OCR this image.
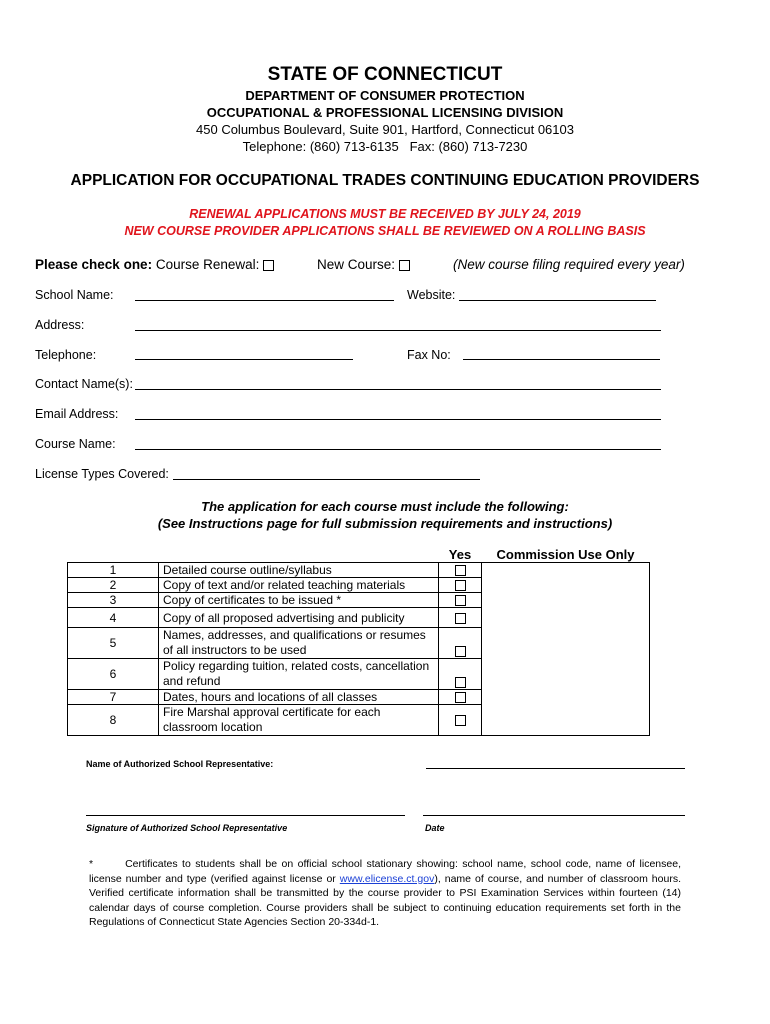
STATE OF CONNECTICUT
DEPARTMENT OF CONSUMER PROTECTION
OCCUPATIONAL & PROFESSIONAL LICENSING DIVISION
450 Columbus Boulevard, Suite 901, Hartford, Connecticut 06103
Telephone: (860) 713-6135   Fax: (860) 713-7230
APPLICATION FOR OCCUPATIONAL TRADES CONTINUING EDUCATION PROVIDERS
RENEWAL APPLICATIONS MUST BE RECEIVED BY JULY 24, 2019
NEW COURSE PROVIDER APPLICATIONS SHALL BE REVIEWED ON A ROLLING BASIS
Please check one: Course Renewal:	New Course:	(New course filing required every year)
School Name:	Website:
Address:
Telephone:	Fax No:
Contact Name(s):
Email Address:
Course Name:
License Types Covered:
The application for each course must include the following:
(See Instructions page for full submission requirements and instructions)
		Yes	Commission Use Only
1	Detailed course outline/syllabus		
2	Copy of text and/or related teaching materials		
3	Copy of certificates to be issued *		
4	Copy of all proposed advertising and publicity		
5	Names, addresses, and qualifications or resumes of all instructors to be used		
6	Policy regarding tuition, related costs, cancellation and refund		
7	Dates, hours and locations of all classes		
8	Fire Marshal approval certificate for each classroom location		
Name of Authorized School Representative:
Signature of Authorized School Representative	Date
*	Certificates to students shall be on official school stationary showing: school name, school code, name of licensee, license number and type (verified against license or www.elicense.ct.gov), name of course, and number of classroom hours. Verified certificate information shall be transmitted by the course provider to PSI Examination Services within fourteen (14) calendar days of course completion. Course providers shall be subject to continuing education requirements set forth in the Regulations of Connecticut State Agencies Section 20-334d-1.
